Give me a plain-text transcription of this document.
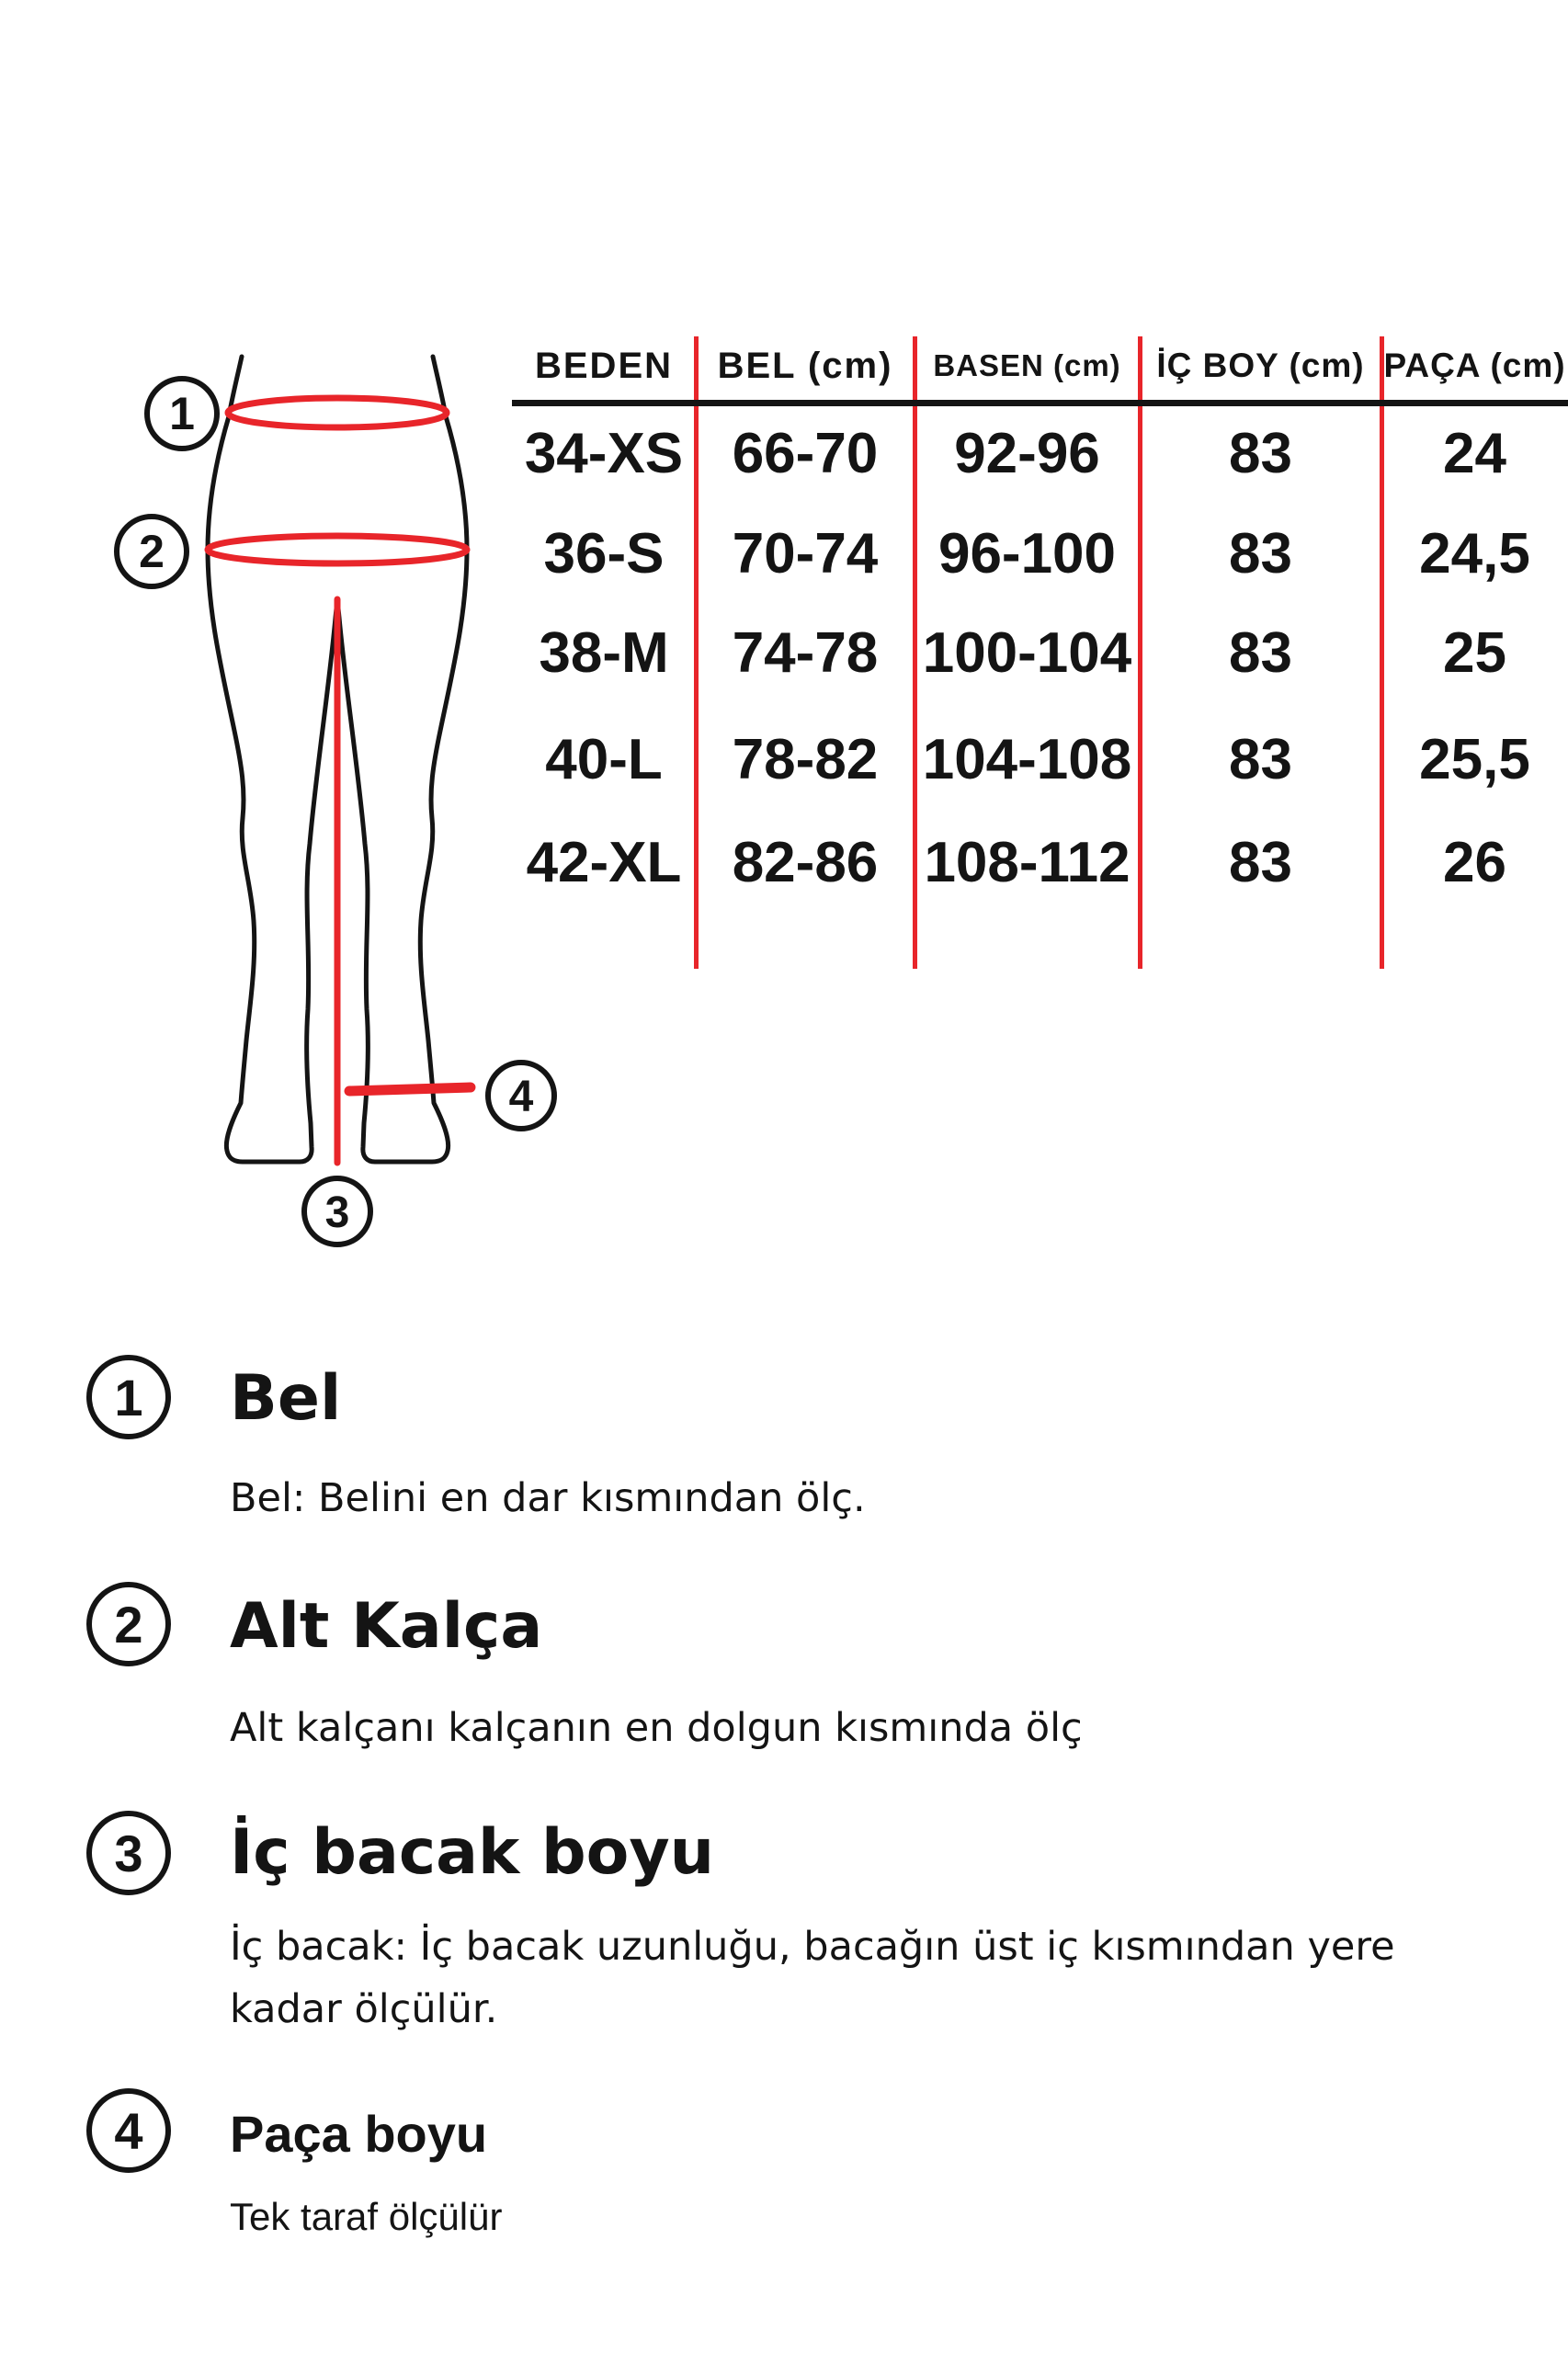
1
2
3
4
BEDEN	BEL (cm)	BASEN (cm)	İÇ BOY (cm) PAÇA (cm)
34-XS 66-70	92-96	83	24
36-S	70-74	96-100	83	24,5
38-M	74-78 100-104	83	25
40-L	78-82 104-108	83	25,5
42-XL 82-86 108-112	83	26
1 Bel
Bel: Belini en dar kısmından ölç.
2 Alt Kalça
Alt kalçanı kalçanın en dolgun kısmında ölç
3 İç bacak boyu
İç bacak: İç bacak uzunluğu, bacağın üst iç kısmından yere
kadar ölçülür.
4 Paça boyu
Tek taraf ölçülür
